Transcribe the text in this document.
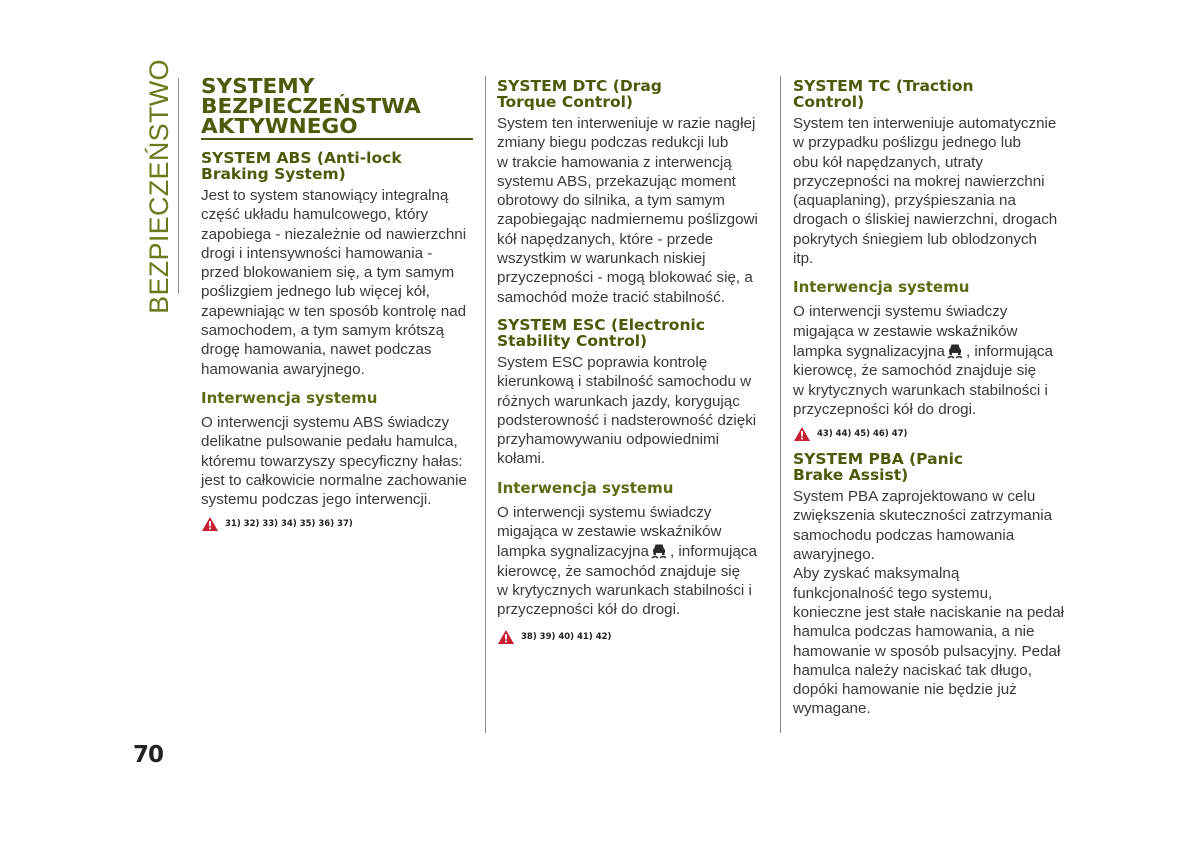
BEZPIECZEŃSTWO SYSTEMY
BEZPIECZEŃSTWA
AKTYWNEGO
SYSTEM ABS (Anti-lock
Braking System)

Jest to system stanowiący integralną
część układu hamulcowego, który
zapobiega - niezależnie od nawierzchni
drogi i intensywności hamowania -
przed blokowaniem się, a tym samym
poślizgiem jednego lub więcej kół,
zapewniając w ten sposób kontrolę nad
samochodem, a tym samym krótszą
drogę hamowania, nawet podczas
hamowania awaryjnego.

Interwencja systemu

O interwencji systemu ABS świadczy
delikatne pulsowanie pedału hamulca,
któremu towarzyszy specyficzny hałas:
jest to całkowicie normalne zachowanie
systemu podczas jego interwencji.

31) 32) 33) 34) 35) 36) 37)
SYSTEM DTC (Drag
Torque Control)

System ten interweniuje w razie nagłej
zmiany biegu podczas redukcji lub
w trakcie hamowania z interwencją
systemu ABS, przekazując moment
obrotowy do silnika, a tym samym
zapobiegając nadmiernemu poślizgowi
kół napędzanych, które - przede
wszystkim w warunkach niskiej
przyczepności - mogą blokować się, a
samochód może tracić stabilność.

SYSTEM ESC (Electronic
Stability Control)

System ESC poprawia kontrolę
kierunkową i stabilność samochodu w
różnych warunkach jazdy, korygując
podsterowność i nadsterowność dzięki
przyhamowywaniu odpowiednimi
kołami.

Interwencja systemu

O interwencji systemu świadczy
migająca w zestawie wskaźników
lampka sygnalizacyjna , informująca
kierowcę, że samochód znajduje się
w krytycznych warunkach stabilności i
przyczepności kół do drogi.

38) 39) 40) 41) 42)
SYSTEM TC (Traction
Control)

System ten interweniuje automatycznie
w przypadku poślizgu jednego lub
obu kół napędzanych, utraty
przyczepności na mokrej nawierzchni
(aquaplaning), przyśpieszania na
drogach o śliskiej nawierzchni, drogach
pokrytych śniegiem lub oblodzonych
itp.

Interwencja systemu

O interwencji systemu świadczy
migająca w zestawie wskaźników
lampka sygnalizacyjna , informująca
kierowcę, że samochód znajduje się
w krytycznych warunkach stabilności i
przyczepności kół do drogi.

43) 44) 45) 46) 47)
SYSTEM PBA (Panic
Brake Assist)

System PBA zaprojektowano w celu
zwiększenia skuteczności zatrzymania
samochodu podczas hamowania
awaryjnego.
Aby zyskać maksymalną
funkcjonalność tego systemu,
konieczne jest stałe naciskanie na pedał
hamulca podczas hamowania, a nie
hamowanie w sposób pulsacyjny. Pedał
hamulca należy naciskać tak długo,
dopóki hamowanie nie będzie już
wymagane.

70
